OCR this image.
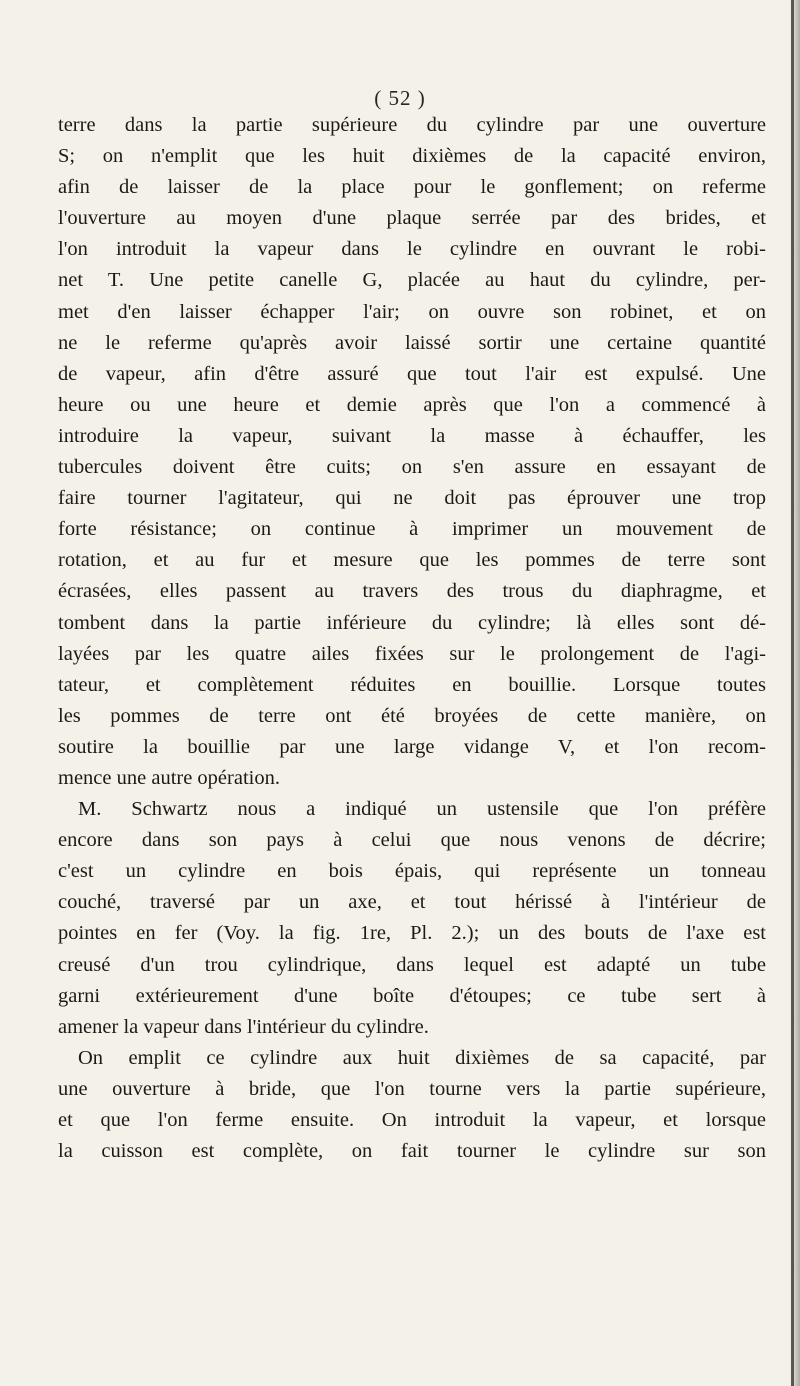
( 52 )
terre dans la partie supérieure du cylindre par une ouverture
S; on n'emplit que les huit dixièmes de la capacité environ,
afin de laisser de la place pour le gonflement; on referme
l'ouverture au moyen d'une plaque serrée par des brides, et
l'on introduit la vapeur dans le cylindre en ouvrant le robi-
net T. Une petite canelle G, placée au haut du cylindre, per-
met d'en laisser échapper l'air; on ouvre son robinet, et on
ne le referme qu'après avoir laissé sortir une certaine quantité
de vapeur, afin d'être assuré que tout l'air est expulsé. Une
heure ou une heure et demie après que l'on a commencé à
introduire la vapeur, suivant la masse à échauffer, les
tubercules doivent être cuits; on s'en assure en essayant de
faire tourner l'agitateur, qui ne doit pas éprouver une trop
forte résistance; on continue à imprimer un mouvement de
rotation, et au fur et mesure que les pommes de terre sont
écrasées, elles passent au travers des trous du diaphragme, et
tombent dans la partie inférieure du cylindre; là elles sont dé-
layées par les quatre ailes fixées sur le prolongement de l'agi-
tateur, et complètement réduites en bouillie. Lorsque toutes
les pommes de terre ont été broyées de cette manière, on
soutire la bouillie par une large vidange V, et l'on recom-
mence une autre opération.
M. Schwartz nous a indiqué un ustensile que l'on préfère
encore dans son pays à celui que nous venons de décrire;
c'est un cylindre en bois épais, qui représente un tonneau
couché, traversé par un axe, et tout hérissé à l'intérieur de
pointes en fer (Voy. la fig. 1re, Pl. 2.); un des bouts de l'axe est
creusé d'un trou cylindrique, dans lequel est adapté un tube
garni extérieurement d'une boîte d'étoupes; ce tube sert à
amener la vapeur dans l'intérieur du cylindre.
On emplit ce cylindre aux huit dixièmes de sa capacité, par
une ouverture à bride, que l'on tourne vers la partie supérieure,
et que l'on ferme ensuite. On introduit la vapeur, et lorsque
la cuisson est complète, on fait tourner le cylindre sur son
